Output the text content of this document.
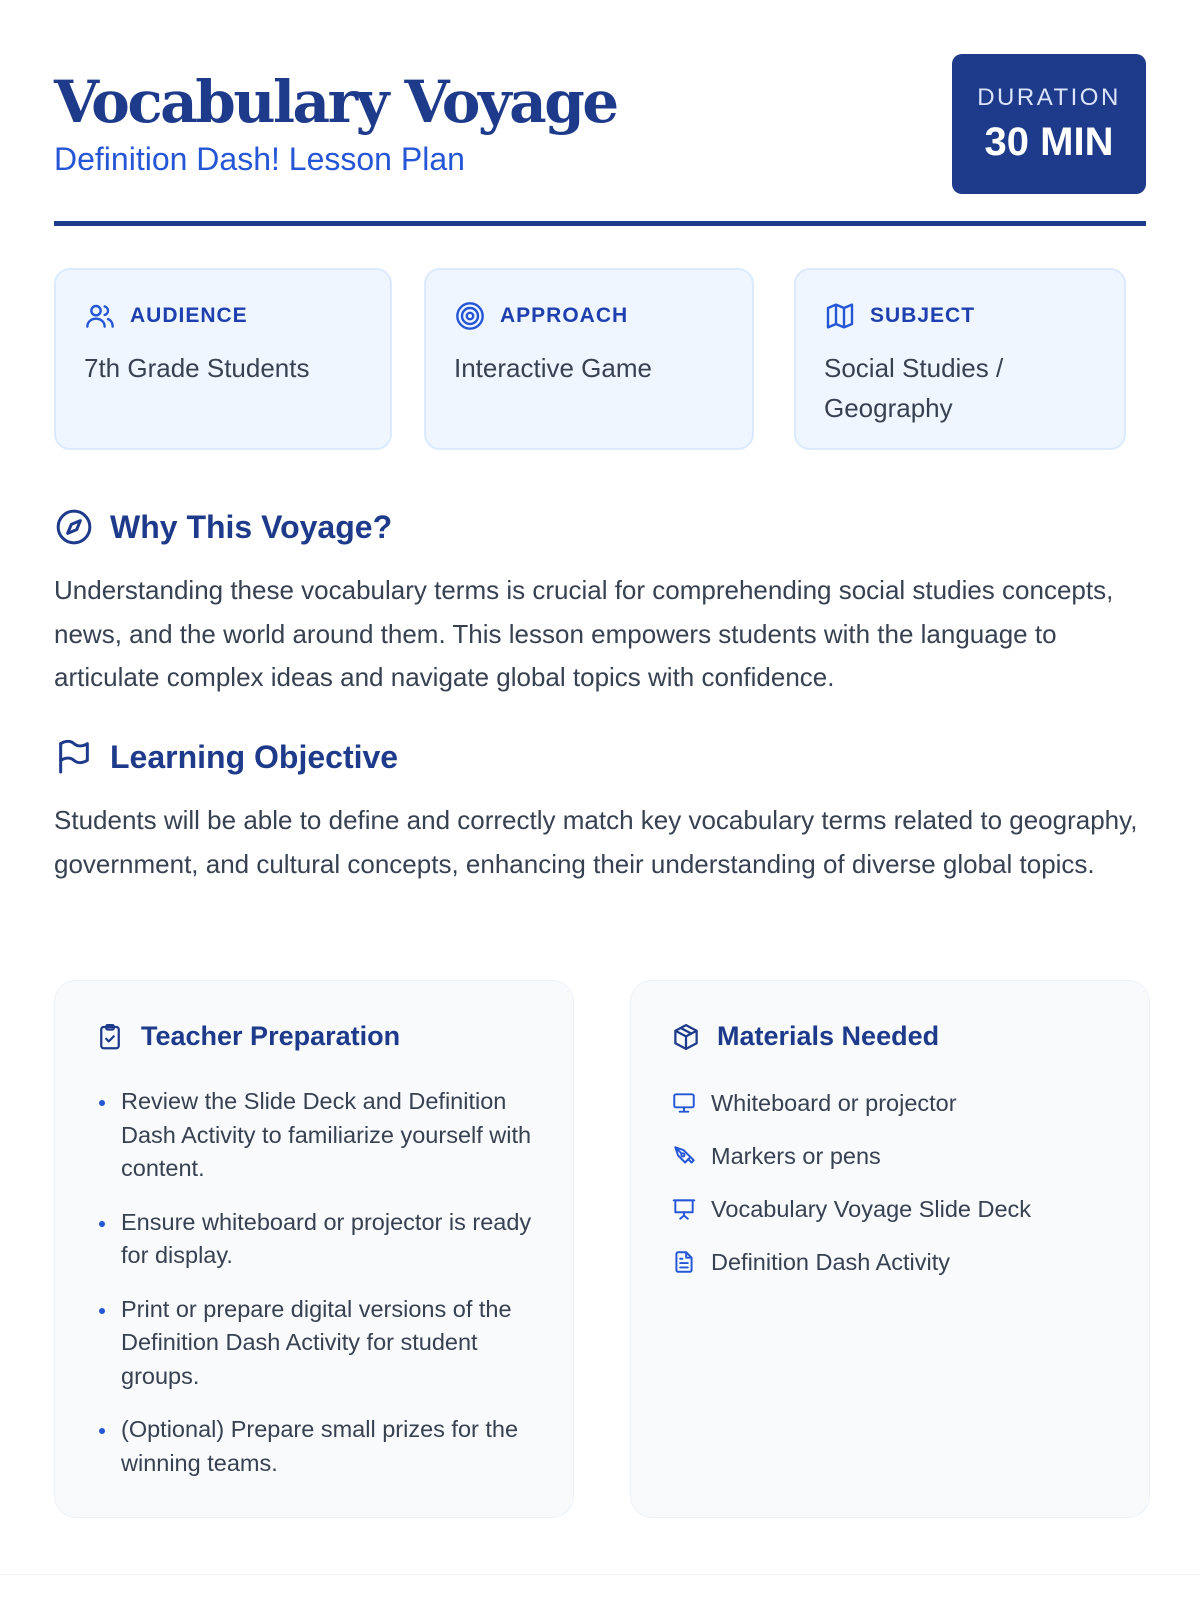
Vocabulary Voyage
Definition Dash! Lesson Plan
DURATION
30 MIN
AUDIENCE
7th Grade Students
APPROACH
Interactive Game
SUBJECT
Social Studies / Geography
Why This Voyage?

Understanding these vocabulary terms is crucial for comprehending social studies concepts, news, and the world around them. This lesson empowers students with the language to articulate complex ideas and navigate global topics with confidence.

Learning Objective

Students will be able to define and correctly match key vocabulary terms related to geography, government, and cultural concepts, enhancing their understanding of diverse global topics.

Teacher Preparation
Review the Slide Deck and Definition Dash Activity to familiarize yourself with content.
Ensure whiteboard or projector is ready for display.
Print or prepare digital versions of the Definition Dash Activity for student groups.
(Optional) Prepare small prizes for the winning teams.
Materials Needed
Whiteboard or projector
Markers or pens
Vocabulary Voyage Slide Deck
Definition Dash Activity
